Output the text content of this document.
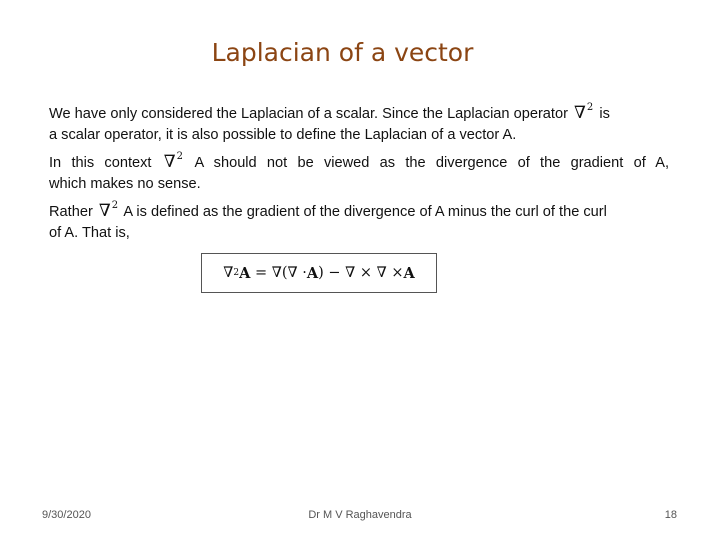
Laplacian of a vector
We have only considered the Laplacian of a scalar. Since the Laplacian operator ∇$^2$ is
a scalar operator, it is also possible to define the Laplacian of a vector A.
In this context ∇$^2$ A should not be viewed as the divergence of the gradient of A,
which makes no sense.
Rather ∇$^2$ A is defined as the gradient of the divergence of A minus the curl of the curl
of A. That is,
∇ 2 A
=
∇(∇ · A )
−
∇ × ∇ × A
9/30/2020	Dr M V Raghavendra	18
